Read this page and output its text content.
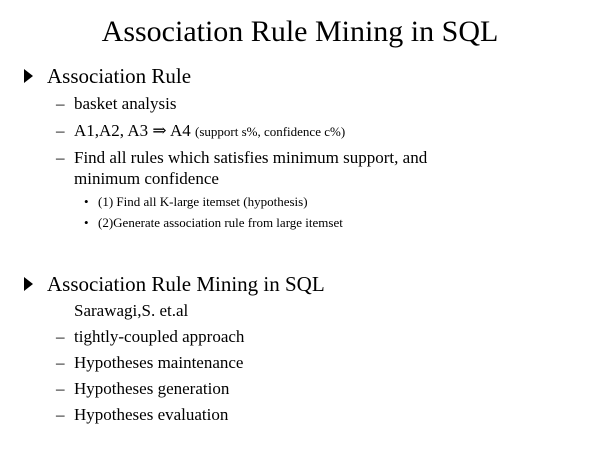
Association Rule Mining in SQL
Association Rule
– basket analysis
– A1,A2, A3 ⇒ A4 (support s%, confidence c%)
– Find all rules which satisfies minimum support, and
minimum confidence
• (1) Find all K-large itemset (hypothesis)
• (2)Generate association rule from large itemset
Association Rule Mining in SQL
Sarawagi,S. et.al
– tightly-coupled approach
– Hypotheses maintenance
– Hypotheses generation
– Hypotheses evaluation
